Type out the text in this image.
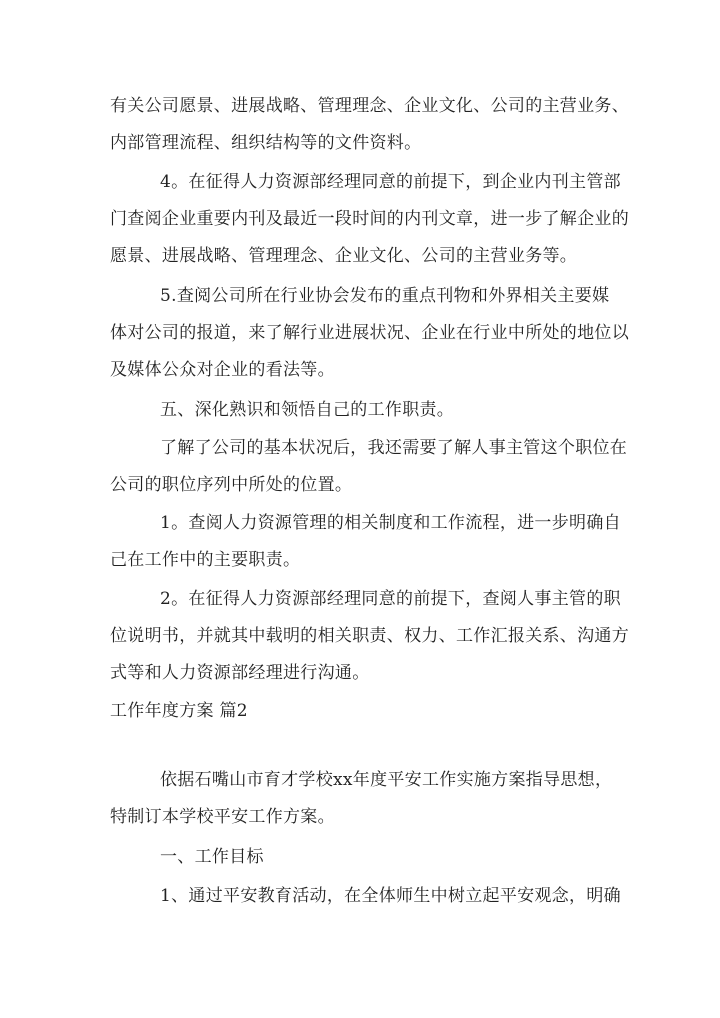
有关公司愿景、进展战略、管理理念、企业文化、公司的主营业务、
内部管理流程、组织结构等的文件资料。
4。在征得人力资源部经理同意的前提下，到企业内刊主管部
门查阅企业重要内刊及最近一段时间的内刊文章，进一步了解企业的
愿景、进展战略、管理理念、企业文化、公司的主营业务等。
5.查阅公司所在行业协会发布的重点刊物和外界相关主要媒
体对公司的报道，来了解行业进展状况、企业在行业中所处的地位以
及媒体公众对企业的看法等。
五、深化熟识和领悟自己的工作职责。
了解了公司的基本状况后，我还需要了解人事主管这个职位在
公司的职位序列中所处的位置。
1。查阅人力资源管理的相关制度和工作流程，进一步明确自
己在工作中的主要职责。
2。在征得人力资源部经理同意的前提下，查阅人事主管的职
位说明书，并就其中载明的相关职责、权力、工作汇报关系、沟通方
式等和人力资源部经理进行沟通。
工作年度方案 篇2
依据石嘴山市育才学校xx年度平安工作实施方案指导思想，
特制订本学校平安工作方案。
一、工作目标
1、通过平安教育活动，在全体师生中树立起平安观念，明确
